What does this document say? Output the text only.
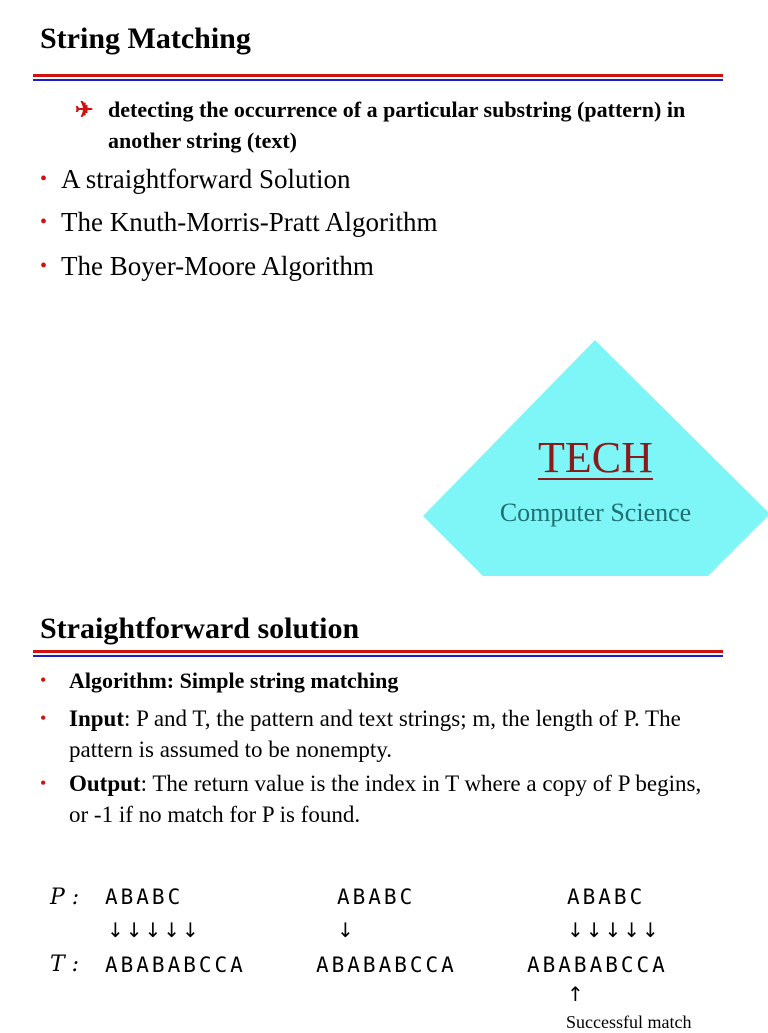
String Matching
✈ detecting the occurrence of a particular substring (pattern) in another string (text)
• A straightforward Solution
• The Knuth-Morris-Pratt Algorithm
• The Boyer-Moore Algorithm
TECH
Computer Science
Straightforward solution
• Algorithm: Simple string matching
• Input: P and T, the pattern and text strings; m, the length of P. The pattern is assumed to be nonempty.
• Output: The return value is the index in T where a copy of P begins, or -1 if no match for P is found.
P :
T :
ABABC
↓↓↓↓↓
ABABABCCA
ABABC
↓
ABABABCCA
ABABC
↓↓↓↓↓
ABABABCCA
↑
Successful match
